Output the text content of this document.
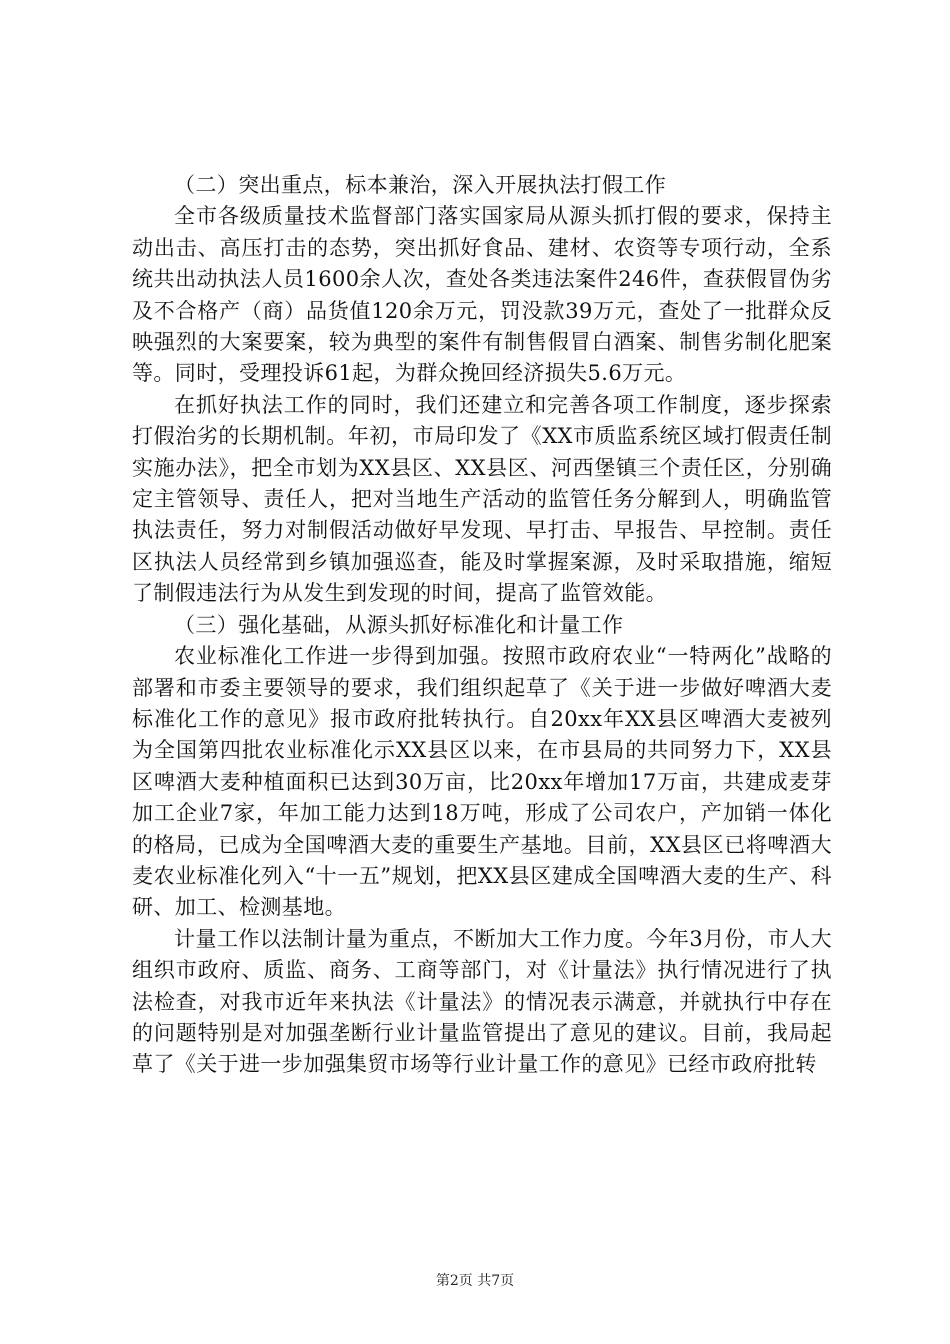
（二）突出重点，标本兼治，深入开展执法打假工作

全市各级质量技术监督部门落实国家局从源头抓打假的要求，保持主动出击、高压打击的态势，突出抓好食品、建材、农资等专项行动，全系统共出动执法人员1600余人次，查处各类违法案件246件，查获假冒伪劣及不合格产（商）品货值120余万元，罚没款39万元，查处了一批群众反映强烈的大案要案，较为典型的案件有制售假冒白酒案、制售劣制化肥案等。同时，受理投诉61起，为群众挽回经济损失5.6万元。

在抓好执法工作的同时，我们还建立和完善各项工作制度，逐步探索打假治劣的长期机制。年初，市局印发了《XX市质监系统区域打假责任制实施办法》，把全市划为XX县区、XX县区、河西堡镇三个责任区，分别确定主管领导、责任人，把对当地生产活动的监管任务分解到人，明确监管执法责任，努力对制假活动做好早发现、早打击、早报告、早控制。责任区执法人员经常到乡镇加强巡查，能及时掌握案源，及时采取措施，缩短了制假违法行为从发生到发现的时间，提高了监管效能。

（三）强化基础，从源头抓好标准化和计量工作

农业标准化工作进一步得到加强。按照市政府农业“一特两化”战略的部署和市委主要领导的要求，我们组织起草了《关于进一步做好啤酒大麦标准化工作的意见》报市政府批转执行。自20xx年XX县区啤酒大麦被列为全国第四批农业标准化示XX县区以来，在市县局的共同努力下，XX县区啤酒大麦种植面积已达到30万亩，比20xx年增加17万亩，共建成麦芽加工企业7家，年加工能力达到18万吨，形成了公司农户，产加销一体化的格局，已成为全国啤酒大麦的重要生产基地。目前，XX县区已将啤酒大麦农业标准化列入“十一五”规划，把XX县区建成全国啤酒大麦的生产、科研、加工、检测基地。

计量工作以法制计量为重点，不断加大工作力度。今年3月份，市人大组织市政府、质监、商务、工商等部门，对《计量法》执行情况进行了执法检查，对我市近年来执法《计量法》的情况表示满意，并就执行中存在的问题特别是对加强垄断行业计量监管提出了意见的建议。目前，我局起草了《关于进一步加强集贸市场等行业计量工作的意见》已经市政府批转

第2页 共7页
